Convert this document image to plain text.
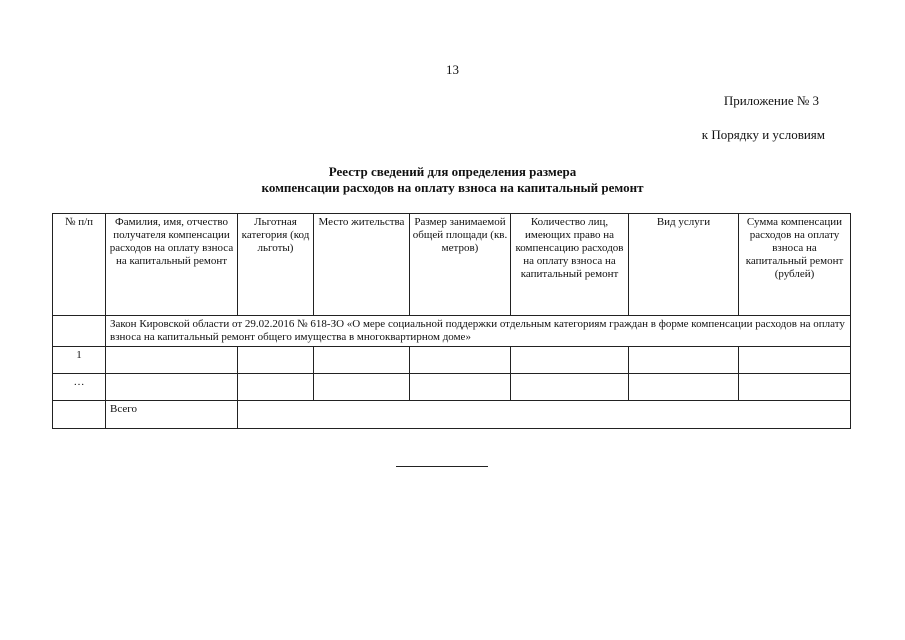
13
Приложение № 3
к Порядку и условиям
Реестр сведений для определения размера
компенсации расходов на оплату взноса на капитальный ремонт
№ п/п	Фамилия, имя, отчество получателя компенсации расходов на оплату взноса на капитальный ремонт	Льготная категория (код льготы)	Место жительства	Размер занимаемой общей площади (кв. метров)	Количество лиц, имеющих право на компенсацию расходов на оплату взноса на капитальный ремонт	Вид услуги	Сумма компенсации расходов на оплату взноса на капитальный ремонт (рублей)
	Закон Кировской области от 29.02.2016 № 618-ЗО «О мере социальной поддержки отдельным категориям граждан в форме компенсации расходов на оплату взноса на капитальный ремонт общего имущества в многоквартирном доме»						
1							
…							
	Всего						
